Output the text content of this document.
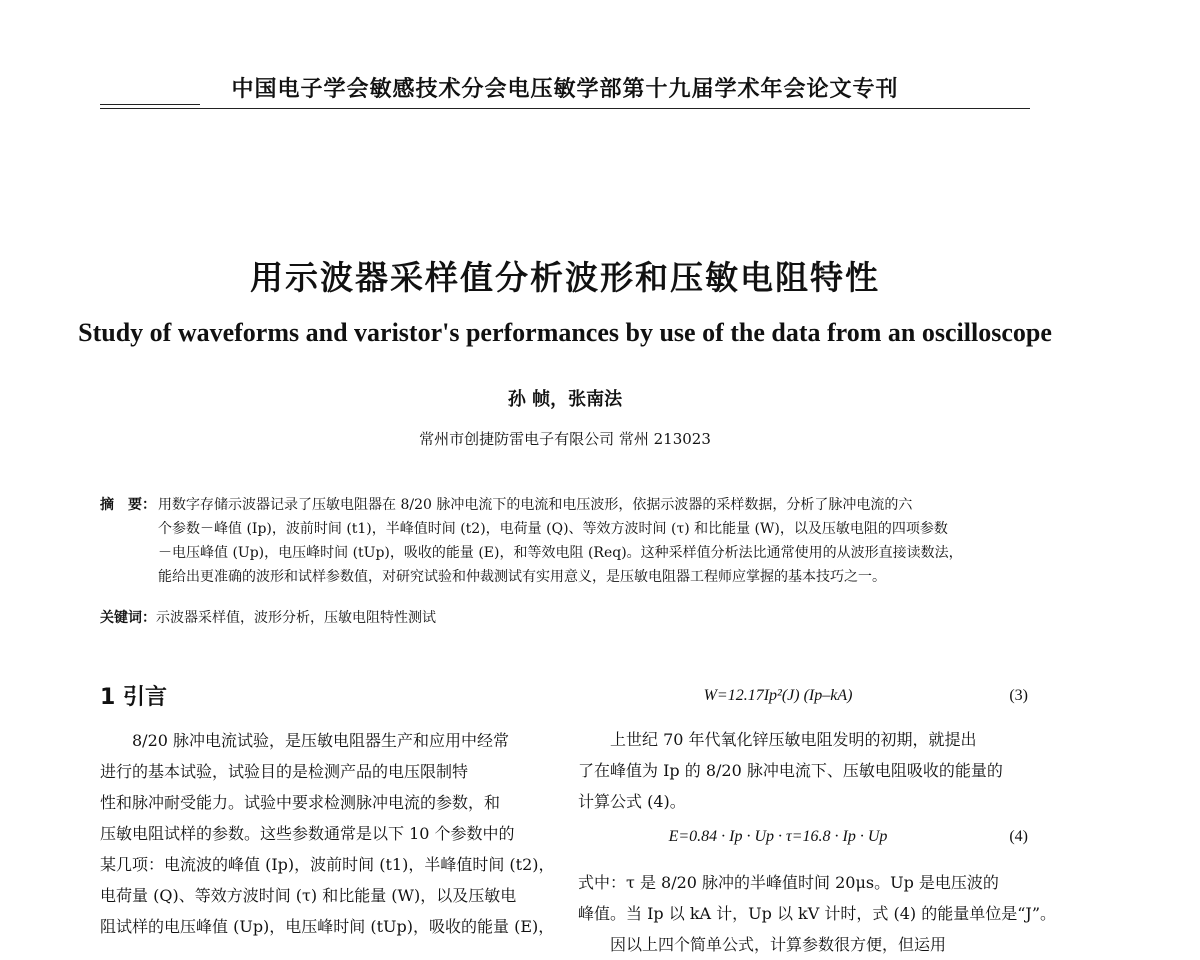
中国电子学会敏感技术分会电压敏学部第十九届学术年会论文专刊
用示波器采样值分析波形和压敏电阻特性
Study of waveforms and varistor's performances by use of the data from an oscilloscope
孙 帧，张南法
常州市创捷防雷电子有限公司 常州 213023
摘　要： 用数字存储示波器记录了压敏电阻器在 8/20 脉冲电流下的电流和电压波形，依据示波器的采样数据，分析了脉冲电流的六
个参数－峰值 (Ip)，波前时间 (t1)，半峰值时间 (t2)，电荷量 (Q)、等效方波时间 (τ) 和比能量 (W)，以及压敏电阻的四项参数
－电压峰值 (Up)，电压峰时间 (tUp)，吸收的能量 (E)，和等效电阻 (Req)。这种采样值分析法比通常使用的从波形直接读数法，
能给出更准确的波形和试样参数值，对研究试验和仲裁测试有实用意义，是压敏电阻器工程师应掌握的基本技巧之一。
关键词：示波器采样值，波形分析，压敏电阻特性测试
1 引言
8/20 脉冲电流试验，是压敏电阻器生产和应用中经常
进行的基本试验，试验目的是检测产品的电压限制特
性和脉冲耐受能力。试验中要求检测脉冲电流的参数，和
压敏电阻试样的参数。这些参数通常是以下 10 个参数中的
某几项：电流波的峰值 (Ip)，波前时间 (t1)，半峰值时间 (t2)，
电荷量 (Q)、等效方波时间 (τ) 和比能量 (W)，以及压敏电
阻试样的电压峰值 (Up)，电压峰时间 (tUp)，吸收的能量 (E)，
W=12.17Ip²(J) (Ip–kA)	(3)
上世纪 70 年代氧化锌压敏电阻发明的初期，就提出
了在峰值为 Ip 的 8/20 脉冲电流下、压敏电阻吸收的能量的
计算公式 (4)。
E=0.84 · Ip · Up · τ=16.8 · Ip · Up	(4)
式中：τ 是 8/20 脉冲的半峰值时间 20μs。Up 是电压波的
峰值。当 Ip 以 kA 计，Up 以 kV 计时，式 (4) 的能量单位是“J”。
　　因以上四个简单公式，计算参数很方便，但运用
